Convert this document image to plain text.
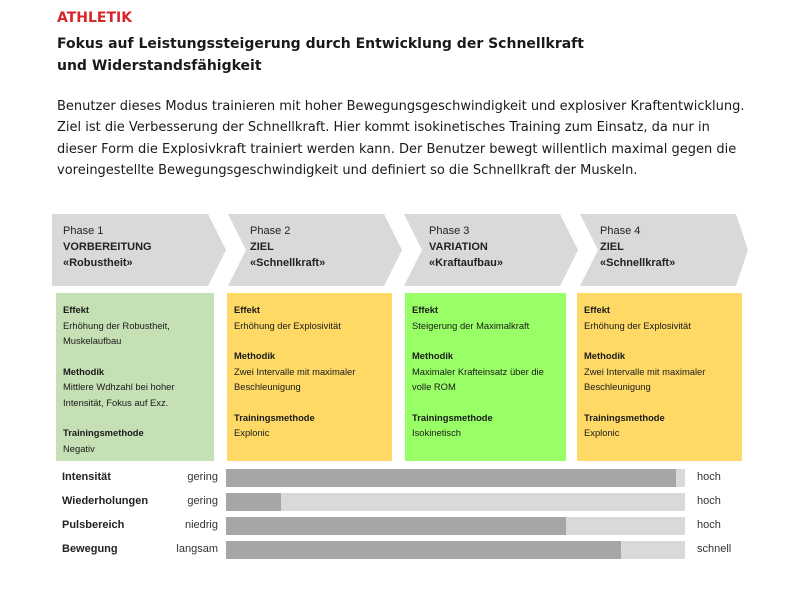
ATHLETIK
Fokus auf Leistungssteigerung durch Entwicklung der Schnellkraft und Widerstandsfähigkeit
Benutzer dieses Modus trainieren mit hoher Bewegungsgeschwindigkeit und explosiver Kraftentwicklung. Ziel ist die Verbesserung der Schnellkraft. Hier kommt isokinetisches Training zum Einsatz, da nur in dieser Form die Explosivkraft trainiert werden kann. Der Benutzer bewegt willentlich maximal gegen die voreingestellte Bewegungsgeschwindigkeit und definiert so die Schnellkraft der Muskeln.
Phase 1
VORBEREITUNG
«Robustheit»
Phase 2
ZIEL
«Schnellkraft»
Phase 3
VARIATION
«Kraftaufbau»
Phase 4
ZIEL
«Schnellkraft»
Effekt
Erhöhung der Robustheit, Muskelaufbau
Methodik
Mittlere Wdhzahl bei hoher Intensität, Fokus auf Exz.
Trainingsmethode
Negativ
Effekt
Erhöhung der Explosivität
Methodik
Zwei Intervalle mit maximaler Beschleunigung
Trainingsmethode
Explonic
Effekt
Steigerung der Maximalkraft
Methodik
Maximaler Krafteinsatz über die volle ROM
Trainingsmethode
Isokinetisch
Effekt
Erhöhung der Explosivität
Methodik
Zwei Intervalle mit maximaler Beschleunigung
Trainingsmethode
Explonic
Intensität	gering	hoch
Wiederholungen	gering	hoch
Pulsbereich	niedrig	hoch
Bewegung	langsam	schnell
